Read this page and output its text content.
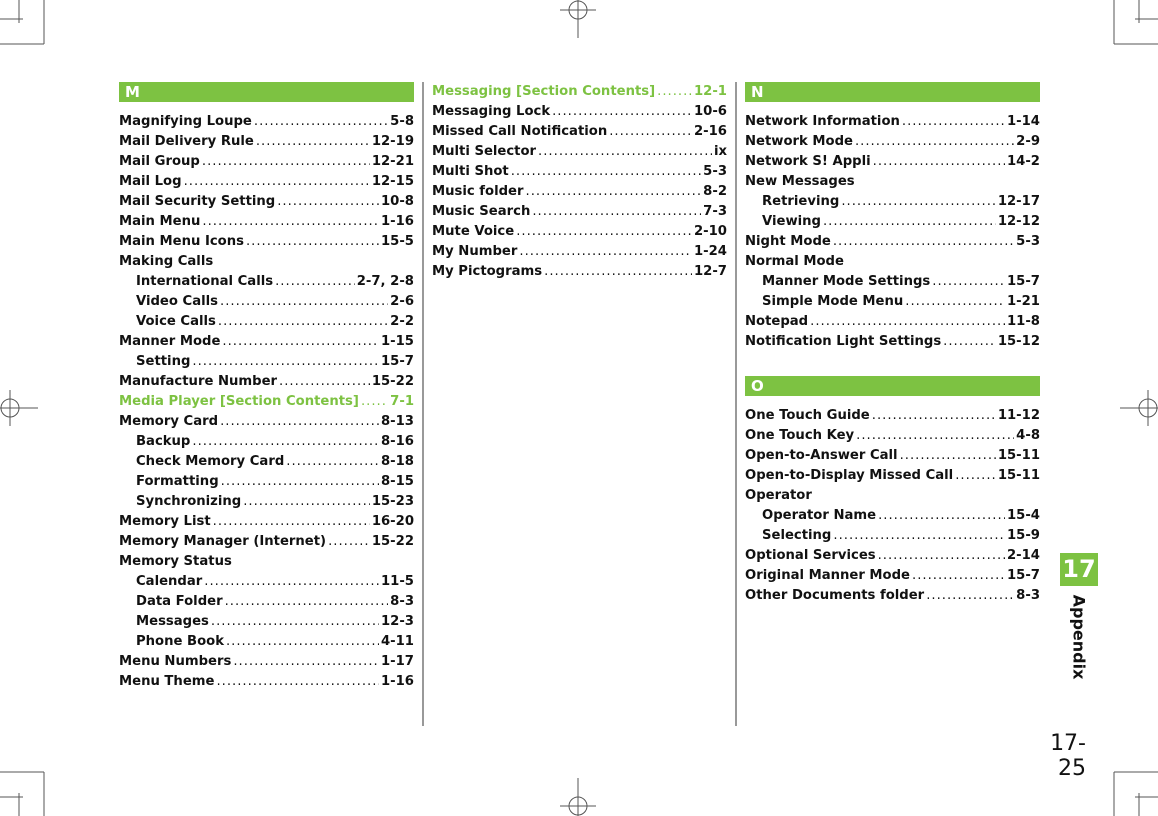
M
Magnifying Loupe .....	5-8
Mail Delivery Rule .....	12-19
Mail Group .....	12-21
Mail Log .....	12-15
Mail Security Setting .....	10-8
Main Menu .....	1-16
Main Menu Icons .....	15-5
Making Calls
International Calls .....	2-7, 2-8
Video Calls .....	2-6
Voice Calls .....	2-2
Manner Mode .....	1-15
Setting .....	15-7
Manufacture Number .....	15-22
Media Player [Section Contents] ..... 7-1
Memory Card .....	8-13
Backup .....	8-16
Check Memory Card .....	8-18
Formatting .....	8-15
Synchronizing .....	15-23
Memory List .....	16-20
Memory Manager (Internet) .....	15-22
Memory Status
Calendar .....	11-5
Data Folder .....	8-3
Messages .....	12-3
Phone Book .....	4-11
Menu Numbers .....	1-17
Menu Theme .....	1-16
Messaging [Section Contents] .....	12-1
Messaging Lock .....	10-6
Missed Call Notification .....	2-16
Multi Selector .....	ix
Multi Shot .....	5-3
Music folder .....	8-2
Music Search .....	7-3
Mute Voice .....	2-10
My Number .....	1-24
My Pictograms .....	12-7
N
Network Information .....	1-14
Network Mode .....	2-9
Network S! Appli .....	14-2
New Messages
Retrieving .....	12-17
Viewing .....	12-12
Night Mode .....	5-3
Normal Mode
Manner Mode Settings .....	15-7
Simple Mode Menu .....	1-21
Notepad .....	11-8
Notification Light Settings .....	15-12
O
One Touch Guide .....	11-12
One Touch Key .....	4-8
Open-to-Answer Call .....	15-11
Open-to-Display Missed Call .....	15-11
Operator
Operator Name .....	15-4
Selecting .....	15-9
Optional Services .....	2-14
Original Manner Mode .....	15-7
Other Documents folder .....	8-3
17
Appendix
17-25
